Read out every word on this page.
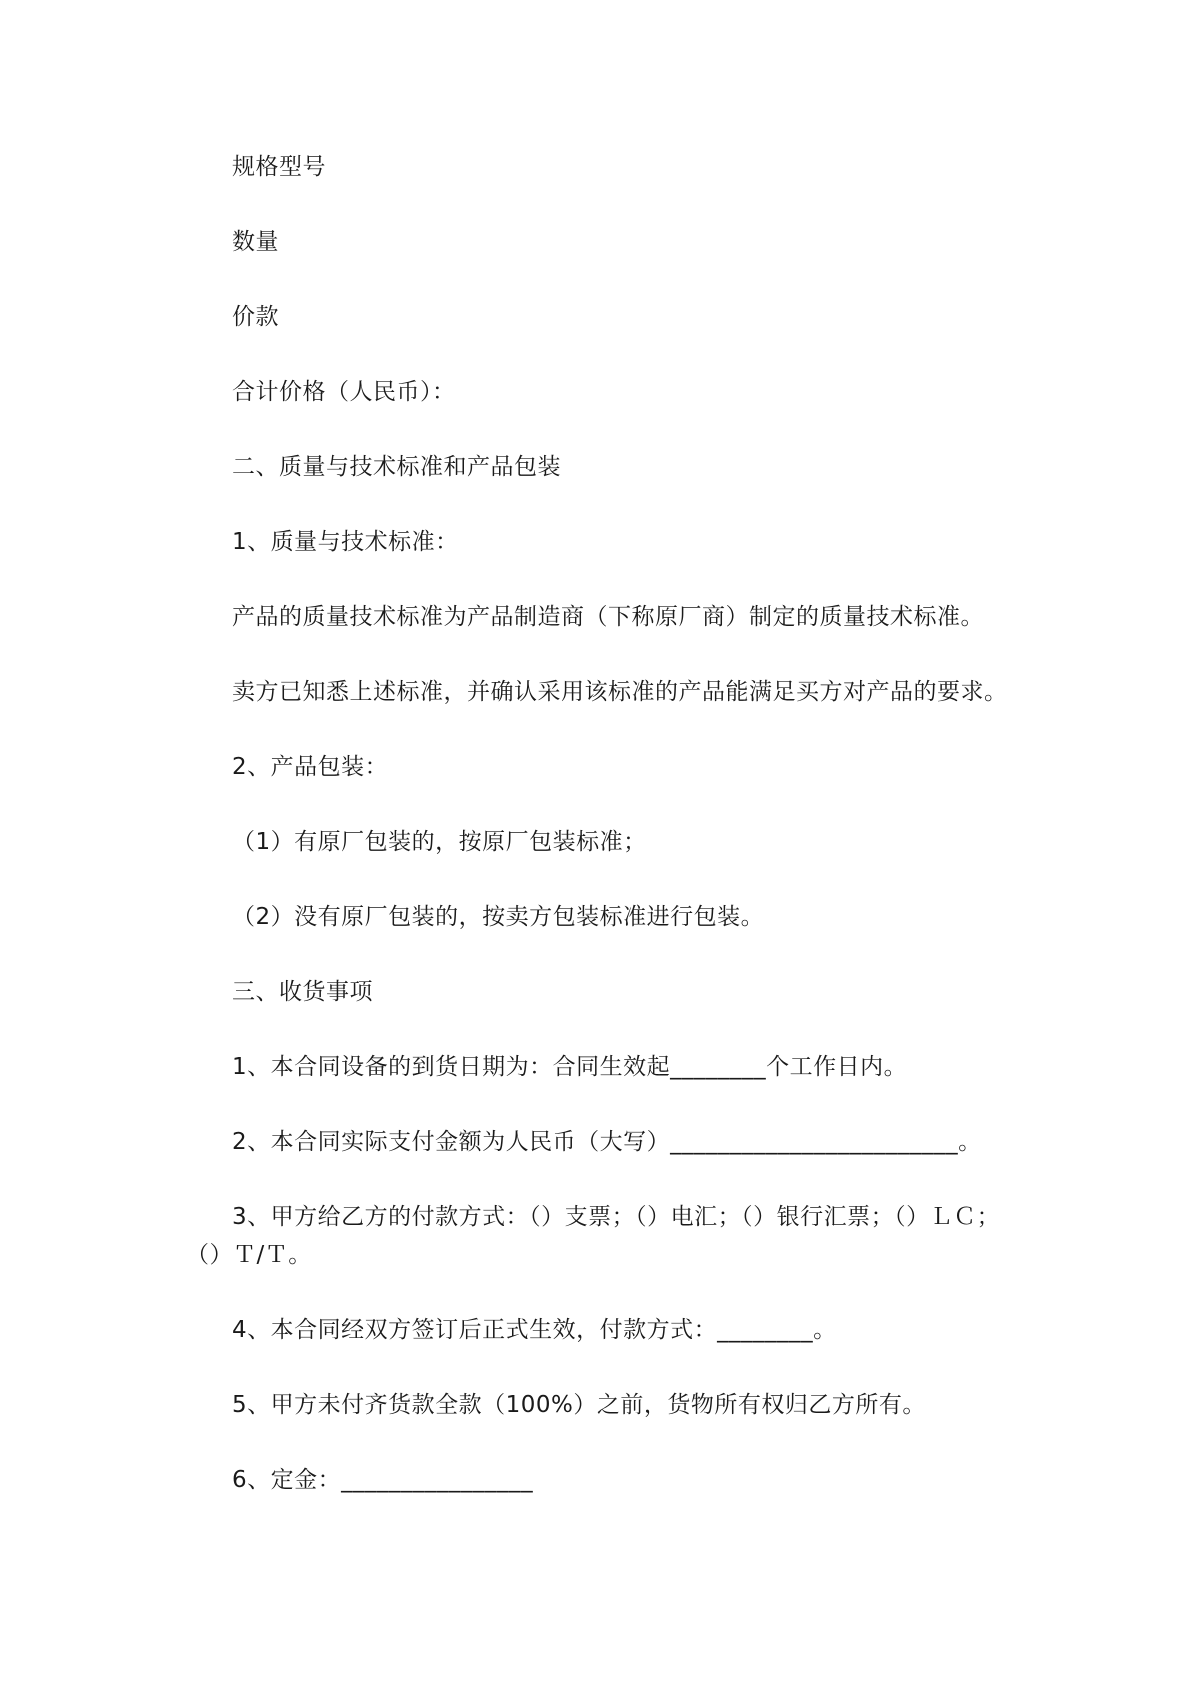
规格型号
数量
价款
合计价格（人民币）：
二、质量与技术标准和产品包装
1、质量与技术标准：
产品的质量技术标准为产品制造商（下称原厂商）制定的质量技术标准。
卖方已知悉上述标准，并确认采用该标准的产品能满足买方对产品的要求。
2、产品包装：
（1）有原厂包装的，按原厂包装标准；
（2）没有原厂包装的，按卖方包装标准进行包装。
三、收货事项
1、本合同设备的到货日期为：合同生效起________个工作日内。
2、本合同实际支付金额为人民币（大写）________________________。
3、甲方给乙方的付款方式：（）支票；（）电汇；（）银行汇票；（）ＬＣ；
（）Ｔ/Ｔ。
4、本合同经双方签订后正式生效，付款方式：________。
5、甲方未付齐货款全款（100%）之前，货物所有权归乙方所有。
6、定金：________________
